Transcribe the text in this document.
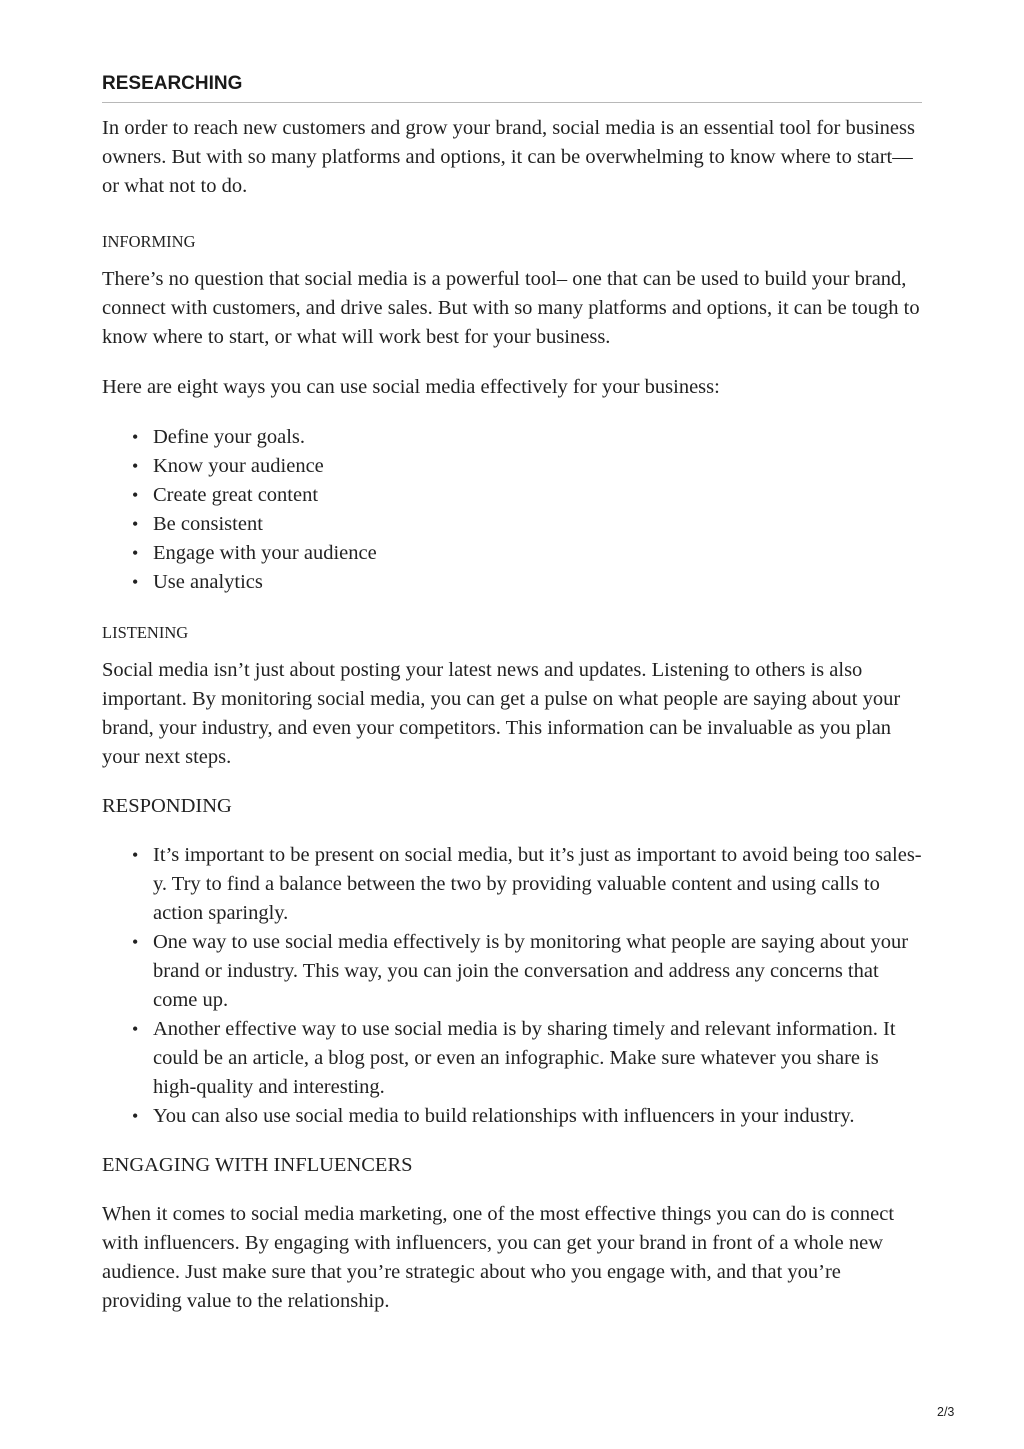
RESEARCHING

In order to reach new customers and grow your brand, social media is an essential tool for business owners. But with so many platforms and options, it can be overwhelming to know where to start—or what not to do.

INFORMING

There’s no question that social media is a powerful tool– one that can be used to build your brand, connect with customers, and drive sales. But with so many platforms and options, it can be tough to know where to start, or what will work best for your business.

Here are eight ways you can use social media effectively for your business:

• Define your goals.
• Know your audience
• Create great content
• Be consistent
• Engage with your audience
• Use analytics
LISTENING

Social media isn’t just about posting your latest news and updates. Listening to others is also important. By monitoring social media, you can get a pulse on what people are saying about your brand, your industry, and even your competitors. This information can be invaluable as you plan your next steps.

RESPONDING
• It’s important to be present on social media, but it’s just as important to avoid being too sales-y. Try to find a balance between the two by providing valuable content and using calls to action sparingly.
• One way to use social media effectively is by monitoring what people are saying about your brand or industry. This way, you can join the conversation and address any concerns that come up.
• Another effective way to use social media is by sharing timely and relevant information. It could be an article, a blog post, or even an infographic. Make sure whatever you share is high-quality and interesting.
• You can also use social media to build relationships with influencers in your industry.
ENGAGING WITH INFLUENCERS

When it comes to social media marketing, one of the most effective things you can do is connect with influencers. By engaging with influencers, you can get your brand in front of a whole new audience. Just make sure that you’re strategic about who you engage with, and that you’re providing value to the relationship.

2/3
